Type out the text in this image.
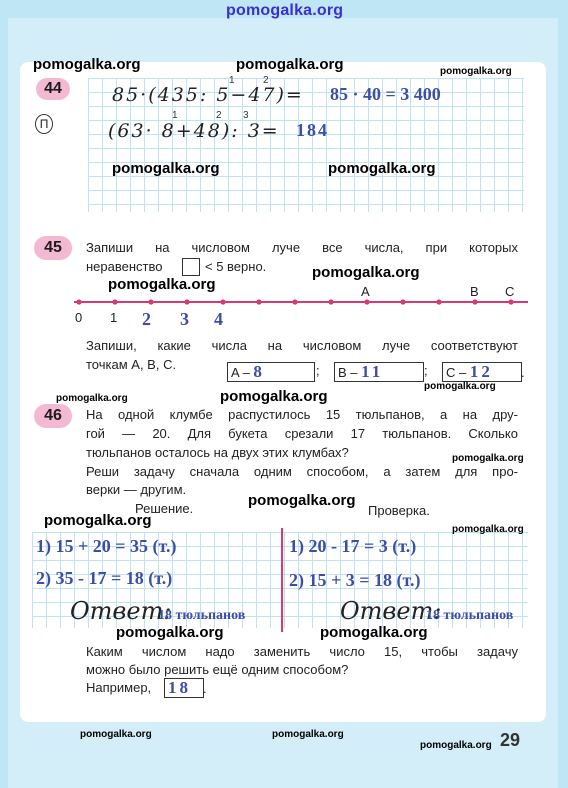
pomogalka.org
44
П
85·(435: 5−47)=
1	2
85 · 40 = 3 400
(63· 8+48): 3=
1	2 3
184
45	Запиши на числовом луче все числа, при которых
неравенство	< 5 верно.
0 1 2 3 4
A	B C
Запиши, какие числа на числовом луче соответствуют
точкам A, B, C.
A – 8	;	B – 11	;	C – 12	.
46	На одной клумбе распустилось 15 тюльпанов, а на дру-
гой — 20. Для букета срезали 17 тюльпанов. Сколько
тюльпанов осталось на двух этих клумбах?
Реши задачу сначала одним способом, а затем для про-
верки — другим.
Решение.	Проверка.
1) 15 + 20 = 35 (т.)
2) 35 - 17 = 18 (т.)
1) 20 - 17 = 3 (т.)
2) 15 + 3 = 18 (т.)
Ответ:
18 тюльпанов	Ответ:
18 тюльпанов
Каким числом надо заменить число 15, чтобы задачу
можно было решить ещё одним способом?
Например, 18 .
29
pomogalka.org	pomogalka.org	pomogalka.org
pomogalka.org	pomogalka.org
pomogalka.org
pomogalka.org
pomogalka.org	pomogalka.org
pomogalka.org
pomogalka.org
pomogalka.org
pomogalka.org
pomogalka.org
pomogalka.org	pomogalka.org
pomogalka.org	pomogalka.org
pomogalka.org
